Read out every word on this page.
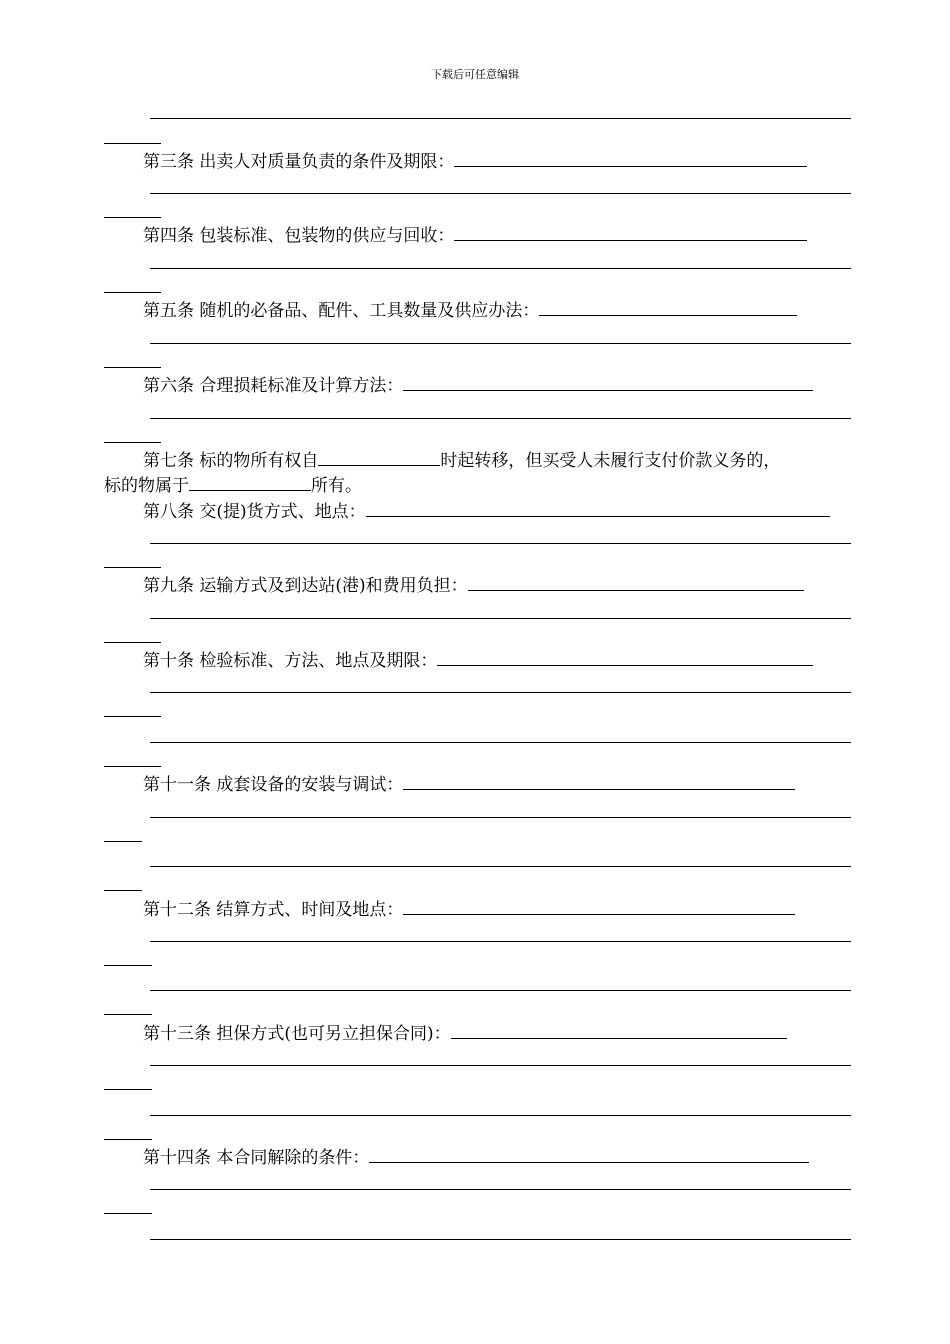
下载后可任意编辑
第三条 出卖人对质量负责的条件及期限：
第四条 包装标准、包装物的供应与回收：
第五条 随机的必备品、配件、工具数量及供应办法：
第六条 合理损耗标准及计算方法：
第七条 标的物所有权自	时起转移，但买受人未履行支付价款义务的，
标的物属于	所有。
第八条 交(提)货方式、地点：
第九条 运输方式及到达站(港)和费用负担：
第十条 检验标准、方法、地点及期限：
第十一条 成套设备的安装与调试：
第十二条 结算方式、时间及地点：
第十三条 担保方式(也可另立担保合同)：
第十四条 本合同解除的条件：
